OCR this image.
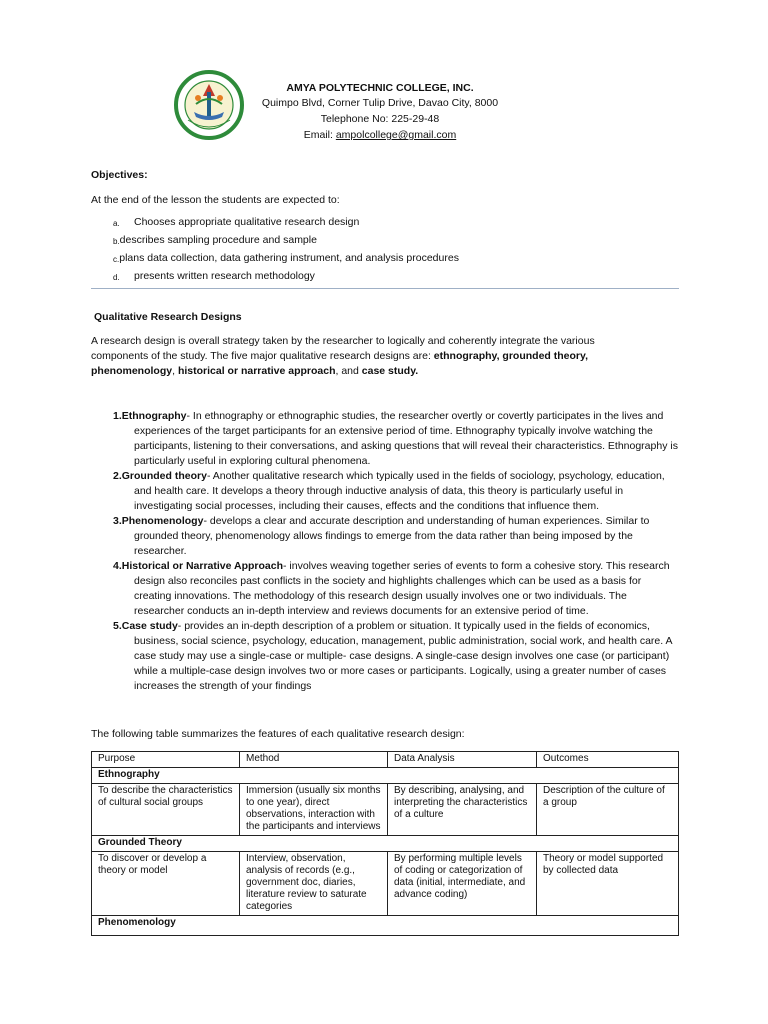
AMYA POLYTECHNIC COLLEGE, INC.
Quimpo Blvd, Corner Tulip Drive, Davao City, 8000
Telephone No: 225-29-48
Email: ampolcollege@gmail.com
Objectives:
At the end of the lesson the students are expected to:
a.	Chooses appropriate qualitative research design
b. describes sampling procedure and sample
c. plans data collection, data gathering instrument, and analysis procedures
d.	presents written research methodology
Qualitative Research Designs
A research design is overall strategy taken by the researcher to logically and coherently integrate the various components of the study. The five major qualitative research designs are: ethnography, grounded theory, phenomenology, historical or narrative approach, and case study.
1.Ethnography- In ethnography or ethnographic studies, the researcher overtly or covertly participates in the lives and experiences of the target participants for an extensive period of time. Ethnography typically involve watching the participants, listening to their conversations, and asking questions that will reveal their characteristics. Ethnography is particularly useful in exploring cultural phenomena.
2.Grounded theory- Another qualitative research which typically used in the fields of sociology, psychology, education, and health care. It develops a theory through inductive analysis of data, this theory is particularly useful in investigating social processes, including their causes, effects and the conditions that influence them.
3.Phenomenology- develops a clear and accurate description and understanding of human experiences. Similar to grounded theory, phenomenology allows findings to emerge from the data rather than being imposed by the researcher.
4.Historical or Narrative Approach- involves weaving together series of events to form a cohesive story. This research design also reconciles past conflicts in the society and highlights challenges which can be used as a basis for creating innovations. The methodology of this research design usually involves one or two individuals. The researcher conducts an in-depth interview and reviews documents for an extensive period of time.
5.Case study- provides an in-depth description of a problem or situation. It typically used in the fields of economics, business, social science, psychology, education, management, public administration, social work, and health care. A case study may use a single-case or multiple- case designs. A single-case design involves one case (or participant) while a multiple-case design involves two or more cases or participants. Logically, using a greater number of cases increases the strength of your findings
The following table summarizes the features of each qualitative research design:
Purpose	Method	Data Analysis	Outcomes
Ethnography			
To describe the characteristics of cultural social groups	Immersion (usually six months to one year), direct observations, interaction with the participants and interviews	By describing, analysing, and interpreting the characteristics of a culture	Description of the culture of a group
Grounded Theory			
To discover or develop a theory or model	Interview, observation, analysis of records (e.g., government doc, diaries, literature review to saturate categories	By performing multiple levels of coding or categorization of data (initial, intermediate, and advance coding)	Theory or model supported by collected data
Phenomenology			
